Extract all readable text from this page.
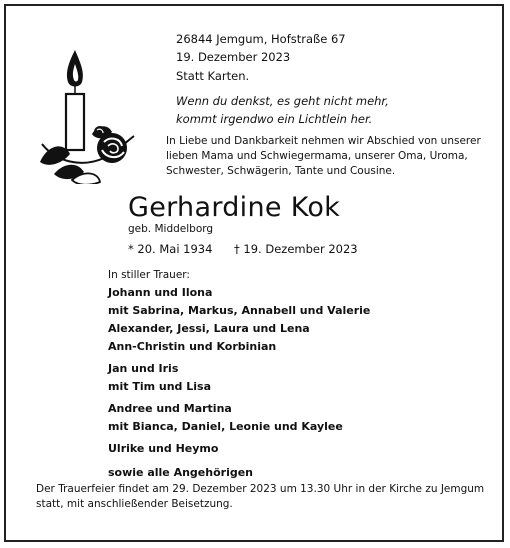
26844 Jemgum, Hofstraße 67
19. Dezember 2023
Statt Karten.
Wenn du denkst, es geht nicht mehr,
kommt irgendwo ein Lichtlein her.
In Liebe und Dankbarkeit nehmen wir Abschied von unserer
lieben Mama und Schwiegermama, unserer Oma, Uroma,
Schwester, Schwägerin, Tante und Cousine.
Gerhardine Kok
geb. Middelborg
* 20. Mai 1934 † 19. Dezember 2023
In stiller Trauer:
Johann und Ilona
mit Sabrina, Markus, Annabell und Valerie
Alexander, Jessi, Laura und Lena
Ann-Christin und Korbinian
Jan und Iris
mit Tim und Lisa
Andree und Martina
mit Bianca, Daniel, Leonie und Kaylee
Ulrike und Heymo
sowie alle Angehörigen
Der Trauerfeier findet am 29. Dezember 2023 um 13.30 Uhr in der Kirche zu Jemgum
statt, mit anschließender Beisetzung.
